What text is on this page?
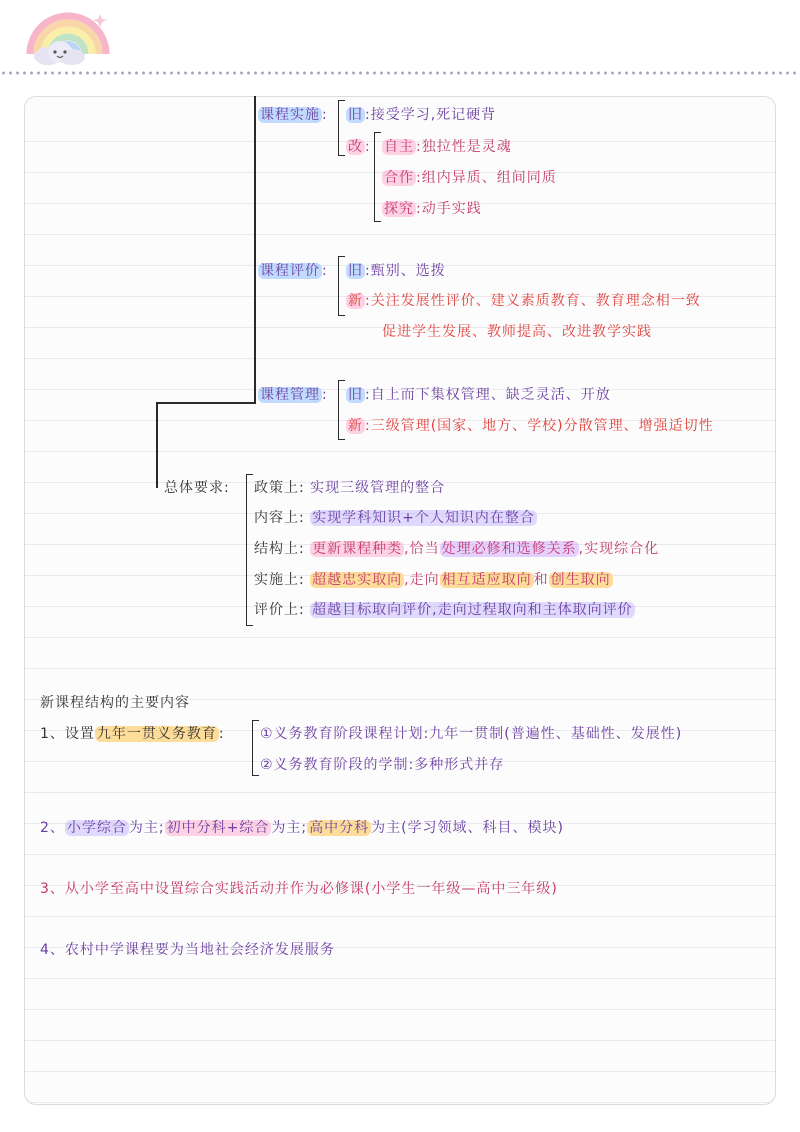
课程实施 : 旧 :接受学习,死记硬背
改 : 自主 :独拉性是灵魂
合作 :组内异质、组间同质
探究 :动手实践
课程评价 : 旧 :甄别、选拨
新 :关注发展性评价、建义素质教育、教育理念相一致
促进学生发展、教师提高、改进教学实践
课程管理 : 旧 :自上而下集权管理、缺乏灵活、开放
新 :三级管理(国家、地方、学校)分散管理、增强适切性
总体要求: 政策上: 实现三级管理的整合
内容上: 实现学科知识+个人知识内在整合
结构上: 更新课程种类 ,恰当 处理必修和选修关系 ,实现综合化
实施上: 超越忠实取向 ,走向 相互适应取向 和 创生取向
评价上: 超越目标取向评价,走向过程取向和主体取向评价
新课程结构的主要内容
1、设置 九年一贯义务教育 :	①义务教育阶段课程计划:九年一贯制(普遍性、基础性、发展性)
②义务教育阶段的学制:多种形式并存
2、 小学综合 为主; 初中分科+综合 为主; 高中分科 为主(学习领域、科目、模块)
3、从小学至高中设置综合实践活动并作为必修课(小学生一年级—高中三年级)
4、农村中学课程要为当地社会经济发展服务
